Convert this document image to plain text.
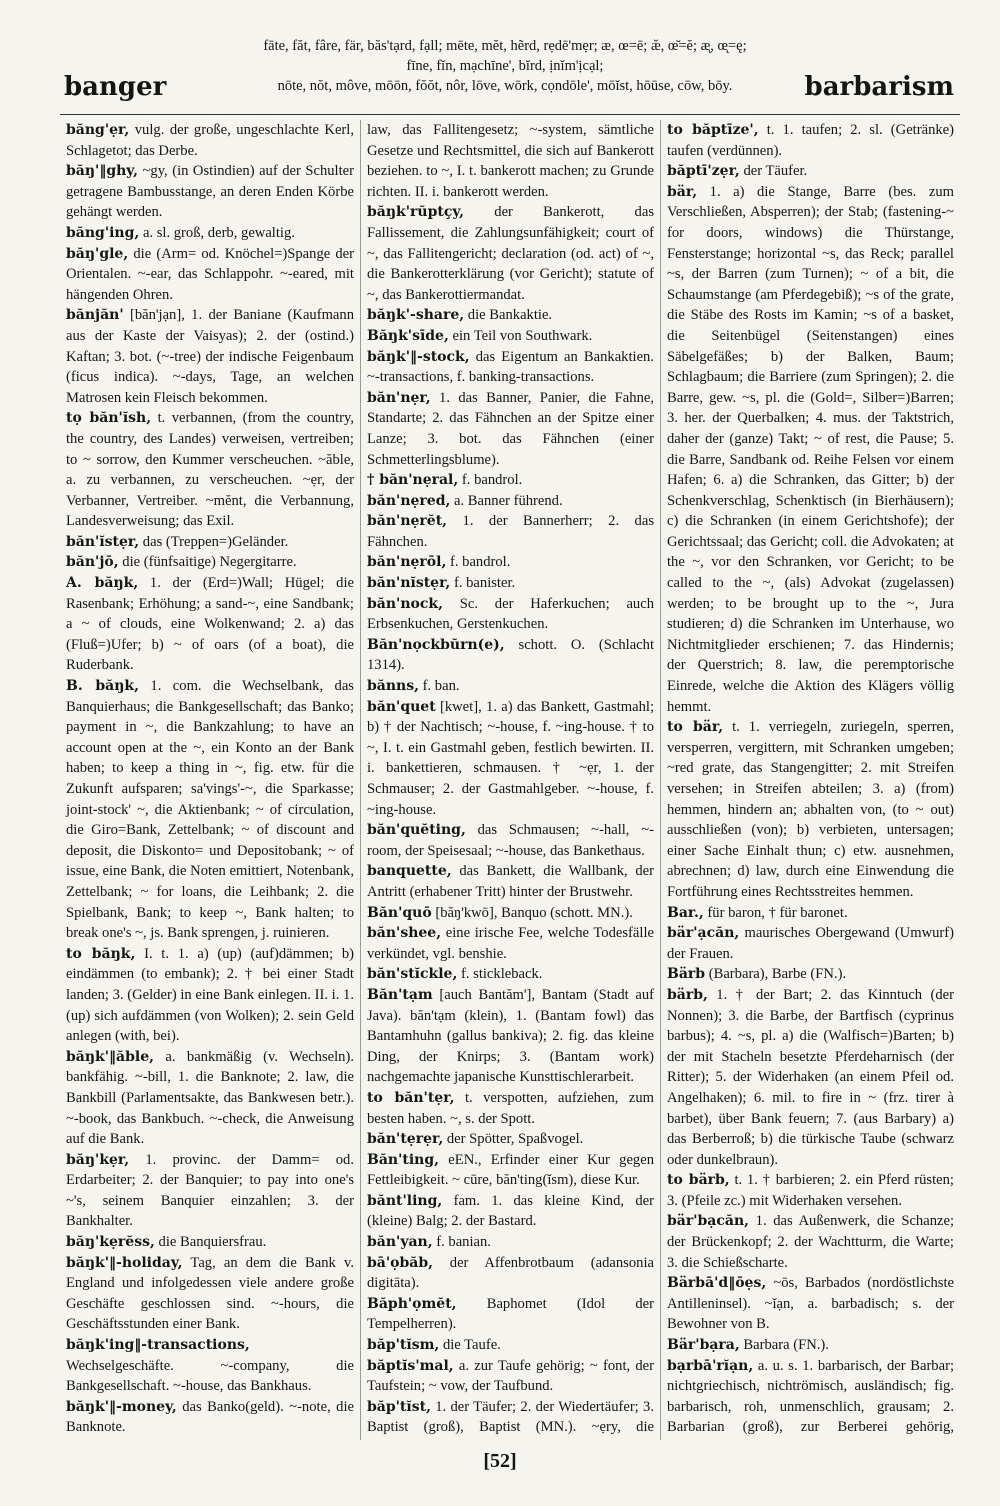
fāte, făt, fâre, fär, băs'tạrd, fạll; mēte, mĕt, hẽrd, rẹdē'mẹr; æ, œ=ē; æ̆, œ̆=ĕ; æ̨, œ̨=ę;
fīne, fĭn, mạchīne', bĭrd, ịnĭm'ịcạl;
nōte, nŏt, môve, mōōn, fŏŏt, nôr, lōve, wōrk, cọndōle', mōĭst, hōūse, cōw, bōy.
banger	barbarism

băng'ẹr, vulg. der große, ungeschlachte Kerl, Schlagetot; das Derbe.

băŋ'‖ghy, ~gy, (in Ostindien) auf der Schulter getragene Bambusstange, an deren Enden Körbe gehängt werden.

băng'ing, a. sl. groß, derb, gewaltig.

băŋ'gle, die (Arm= od. Knöchel=)Spange der Orientalen. ~-ear, das Schlappohr. ~-eared, mit hängenden Ohren.

bănjăn' [băn'jạn], 1. der Baniane (Kaufmann aus der Kaste der Vaisyas); 2. der (ostind.) Kaftan; 3. bot. (~-tree) der indische Feigenbaum (ficus indica). ~-days, Tage, an welchen Matrosen kein Fleisch bekommen.

tọ băn'ĭsh, t. verbannen, (from the country, the country, des Landes) verweisen, vertreiben; to ~ sorrow, den Kummer verscheuchen. ~ăble, a. zu verbannen, zu verscheuchen. ~ẹr, der Verbanner, Vertreiber. ~mĕnt, die Verbannung, Landesverweisung; das Exil.

băn'ĭstẹr, das (Treppen=)Geländer.

băn'jō, die (fünfsaitige) Negergitarre.

A. băŋk, 1. der (Erd=)Wall; Hügel; die Rasenbank; Erhöhung; a sand-~, eine Sandbank; a ~ of clouds, eine Wolkenwand; 2. a) das (Fluß=)Ufer; b) ~ of oars (of a boat), die Ruderbank.

B. băŋk, 1. com. die Wechselbank, das Banquierhaus; die Bankgesellschaft; das Banko; payment in ~, die Bankzahlung; to have an account open at the ~, ein Konto an der Bank haben; to keep a thing in ~, fig. etw. für die Zukunft aufsparen; sa'vings'-~, die Sparkasse; joint-stock' ~, die Aktienbank; ~ of circulation, die Giro=Bank, Zettelbank; ~ of discount and deposit, die Diskonto= und Depositobank; ~ of issue, eine Bank, die Noten emittiert, Notenbank, Zettelbank; ~ for loans, die Leihbank; 2. die Spielbank, Bank; to keep ~, Bank halten; to break one's ~, js. Bank sprengen, j. ruinieren.

to băŋk, I. t. 1. a) (up) (auf)dämmen; b) eindämmen (to embank); 2. † bei einer Stadt landen; 3. (Gelder) in eine Bank einlegen. II. i. 1. (up) sich aufdämmen (von Wolken); 2. sein Geld anlegen (with, bei).

băŋk'‖ăble, a. bankmäßig (v. Wechseln). bankfähig. ~-bill, 1. die Banknote; 2. law, die Bankbill (Parlamentsakte, das Bankwesen betr.). ~-book, das Bankbuch. ~-check, die Anweisung auf die Bank.

băŋ'kẹr, 1. provinc. der Damm= od. Erdarbeiter; 2. der Banquier; to pay into one's ~'s, seinem Banquier einzahlen; 3. der Bankhalter.

băŋ'kẹrĕss, die Banquiersfrau.

băŋk'‖-holiday, Tag, an dem die Bank v. England und infolgedessen viele andere große Geschäfte geschlossen sind. ~-hours, die Geschäftsstunden einer Bank.

băŋk'ing‖-transactions, Wechselgeschäfte. ~-company, die Bankgesellschaft. ~-house, das Bankhaus.

băŋk'‖-money, das Banko(geld). ~-note, die Banknote.

law, das Fallitengesetz; ~-system, sämtliche Gesetze und Rechtsmittel, die sich auf Bankerott beziehen. to ~, I. t. bankerott machen; zu Grunde richten. II. i. bankerott werden.

băŋk'rŭptçy, der Bankerott, das Fallissement, die Zahlungsunfähigkeit; court of ~, das Fallitengericht; declaration (od. act) of ~, die Bankerotterklärung (vor Gericht); statute of ~, das Bankerottiermandat.

băŋk'-share, die Bankaktie.

Băŋk'sīde, ein Teil von Southwark.

băŋk'‖-stock, das Eigentum an Bankaktien. ~-transactions, f. banking-transactions.

băn'nẹr, 1. das Banner, Panier, die Fahne, Standarte; 2. das Fähnchen an der Spitze einer Lanze; 3. bot. das Fähnchen (einer Schmetterlingsblume).

† băn'nẹral, f. bandrol.

băn'nẹred, a. Banner führend.

băn'nẹrĕt, 1. der Bannerherr; 2. das Fähnchen.

băn'nẹrōl, f. bandrol.

băn'nĭstẹr, f. banister.

băn'nock, Sc. der Haferkuchen; auch Erbsenkuchen, Gerstenkuchen.

Băn'nọckbŭrn(e), schott. O. (Schlacht 1314).

bănns, f. ban.

băn'quet [kwet], 1. a) das Bankett, Gastmahl; b) † der Nachtisch; ~-house, f. ~ing-house. † to ~, I. t. ein Gastmahl geben, festlich bewirten. II. i. bankettieren, schmausen. † ~ẹr, 1. der Schmauser; 2. der Gastmahlgeber. ~-house, f. ~ing-house.

băn'quĕting, das Schmausen; ~-hall, ~-room, der Speisesaal; ~-house, das Bankethaus.

banquette, das Bankett, die Wallbank, der Antritt (erhabener Tritt) hinter der Brustwehr.

Băn'quō [băŋ'kwō], Banquo (schott. MN.).

băn'shee, eine irische Fee, welche Todesfälle verkündet, vgl. benshie.

băn'stĭckle, f. stickleback.

Băn'tạm [auch Bantăm'], Bantam (Stadt auf Java). băn'tạm (klein), 1. (Bantam fowl) das Bantamhuhn (gallus bankiva); 2. fig. das kleine Ding, der Knirps; 3. (Bantam work) nachgemachte japanische Kunsttischlerarbeit.

to băn'tẹr, t. verspotten, aufziehen, zum besten haben. ~, s. der Spott.

băn'tẹrẹr, der Spötter, Spaßvogel.

Băn'ting, eEN., Erfinder einer Kur gegen Fettleibigkeit. ~ cūre, băn'ting(ĭsm), diese Kur.

bănt'ling, fam. 1. das kleine Kind, der (kleine) Balg; 2. der Bastard.

băn'yan, f. banian.

bā'ọbăb, der Affenbrotbaum (adansonia digitāta).

Băph'ọmĕt, Baphomet (Idol der Tempelherren).

băp'tĭsm, die Taufe.

băptĭs'mal, a. zur Taufe gehörig; ~ font, der Taufstein; ~ vow, der Taufbund.

băp'tĭst, 1. der Täufer; 2. der Wiedertäufer; 3. Baptist (groß), Baptist (MN.). ~ẹry, die

to băptīze', t. 1. taufen; 2. sl. (Getränke) taufen (verdünnen).

băptī'zẹr, der Täufer.

bär, 1. a) die Stange, Barre (bes. zum Verschließen, Absperren); der Stab; (fastening-~ for doors, windows) die Thürstange, Fensterstange; horizontal ~s, das Reck; parallel ~s, der Barren (zum Turnen); ~ of a bit, die Schaumstange (am Pferdegebiß); ~s of the grate, die Stäbe des Rosts im Kamin; ~s of a basket, die Seitenbügel (Seitenstangen) eines Säbelgefäßes; b) der Balken, Baum; Schlagbaum; die Barriere (zum Springen); 2. die Barre, gew. ~s, pl. die (Gold=, Silber=)Barren; 3. her. der Querbalken; 4. mus. der Taktstrich, daher der (ganze) Takt; ~ of rest, die Pause; 5. die Barre, Sandbank od. Reihe Felsen vor einem Hafen; 6. a) die Schranken, das Gitter; b) der Schenkverschlag, Schenktisch (in Bierhäusern); c) die Schranken (in einem Gerichtshofe); der Gerichtssaal; das Gericht; coll. die Advokaten; at the ~, vor den Schranken, vor Gericht; to be called to the ~, (als) Advokat (zugelassen) werden; to be brought up to the ~, Jura studieren; d) die Schranken im Unterhause, wo Nichtmitglieder erschienen; 7. das Hindernis; der Querstrich; 8. law, die peremptorische Einrede, welche die Aktion des Klägers völlig hemmt.

to bär, t. 1. verriegeln, zuriegeln, sperren, versperren, vergittern, mit Schranken umgeben; ~red grate, das Stangengitter; 2. mit Streifen versehen; in Streifen abteilen; 3. a) (from) hemmen, hindern an; abhalten von, (to ~ out) ausschließen (von); b) verbieten, untersagen; einer Sache Einhalt thun; c) etw. ausnehmen, abrechnen; d) law, durch eine Einwendung die Fortführung eines Rechtsstreites hemmen.

Bar., für baron, † für baronet.

bär'ạcăn, maurisches Obergewand (Umwurf) der Frauen.

Bärb (Barbara), Barbe (FN.).

bärb, 1. † der Bart; 2. das Kinntuch (der Nonnen); 3. die Barbe, der Bartfisch (cyprinus barbus); 4. ~s, pl. a) die (Walfisch=)Barten; b) der mit Stacheln besetzte Pferdeharnisch (der Ritter); 5. der Widerhaken (an einem Pfeil od. Angelhaken); 6. mil. to fire in ~ (frz. tirer à barbet), über Bank feuern; 7. (aus Barbary) a) das Berberroß; b) die türkische Taube (schwarz oder dunkelbraun).

to bärb, t. 1. † barbieren; 2. ein Pferd rüsten; 3. (Pfeile zc.) mit Widerhaken versehen.

bär'bạcăn, 1. das Außenwerk, die Schanze; der Brückenkopf; 2. der Wachtturm, die Warte; 3. die Schießscharte.

Bärbā'd‖ōẹs, ~ōs, Barbados (nordöstlichste Antilleninsel). ~ĭạn, a. barbadisch; s. der Bewohner von B.

Bär'bạra, Barbara (FN.).

bạrbā'rĭạn, a. u. s. 1. barbarisch, der Barbar; nichtgriechisch, nichtrömisch, ausländisch; fig. barbarisch, roh, unmenschlich, grausam; 2. Barbarian (groß), zur Berberei gehörig,

[52]
